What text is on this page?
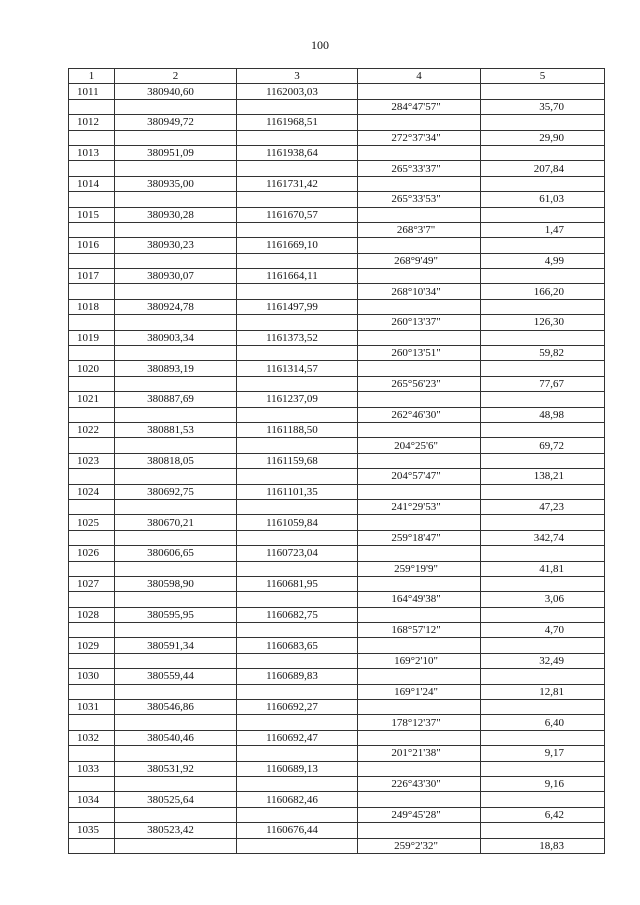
100
1	2	3	4	5
1011	380940,60	1162003,03		
			284°47'57"	35,70
1012	380949,72	1161968,51		
			272°37'34"	29,90
1013	380951,09	1161938,64		
			265°33'37"	207,84
1014	380935,00	1161731,42		
			265°33'53"	61,03
1015	380930,28	1161670,57		
			268°3'7"	1,47
1016	380930,23	1161669,10		
			268°9'49"	4,99
1017	380930,07	1161664,11		
			268°10'34"	166,20
1018	380924,78	1161497,99		
			260°13'37"	126,30
1019	380903,34	1161373,52		
			260°13'51"	59,82
1020	380893,19	1161314,57		
			265°56'23"	77,67
1021	380887,69	1161237,09		
			262°46'30"	48,98
1022	380881,53	1161188,50		
			204°25'6"	69,72
1023	380818,05	1161159,68		
			204°57'47"	138,21
1024	380692,75	1161101,35		
			241°29'53"	47,23
1025	380670,21	1161059,84		
			259°18'47"	342,74
1026	380606,65	1160723,04		
			259°19'9"	41,81
1027	380598,90	1160681,95		
			164°49'38"	3,06
1028	380595,95	1160682,75		
			168°57'12"	4,70
1029	380591,34	1160683,65		
			169°2'10"	32,49
1030	380559,44	1160689,83		
			169°1'24"	12,81
1031	380546,86	1160692,27		
			178°12'37"	6,40
1032	380540,46	1160692,47		
			201°21'38"	9,17
1033	380531,92	1160689,13		
			226°43'30"	9,16
1034	380525,64	1160682,46		
			249°45'28"	6,42
1035	380523,42	1160676,44		
			259°2'32"	18,83
